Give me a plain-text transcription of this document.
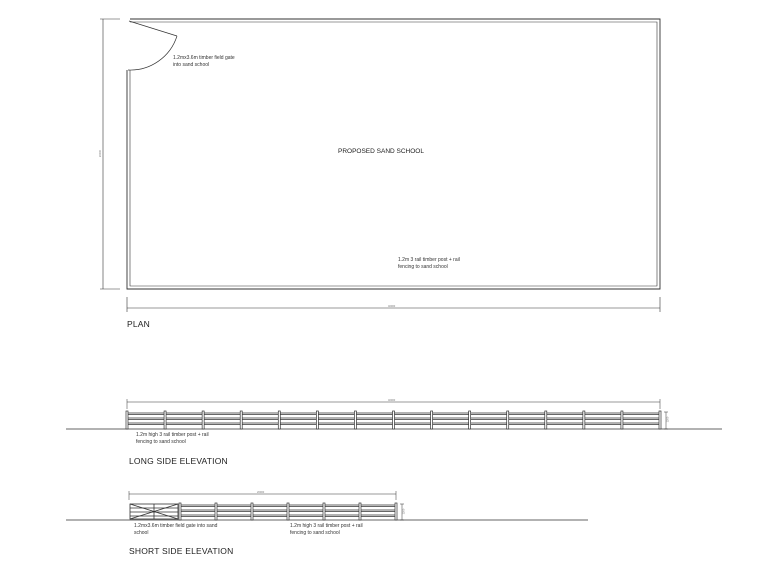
1.2mx3.6m timber field gate
into sand school
PROPOSED SAND SCHOOL
1.2m 3 rail timber post + rail
fencing to sand school
40000
20000
PLAN
40000
1200
1.2m high 3 rail timber post + rail
fencing to sand school
LONG SIDE ELEVATION
20000
1200
1.2mx3.6m timber field gate into sand
school
1.2m high 3 rail timber post + rail
fencing to sand school
SHORT SIDE ELEVATION
